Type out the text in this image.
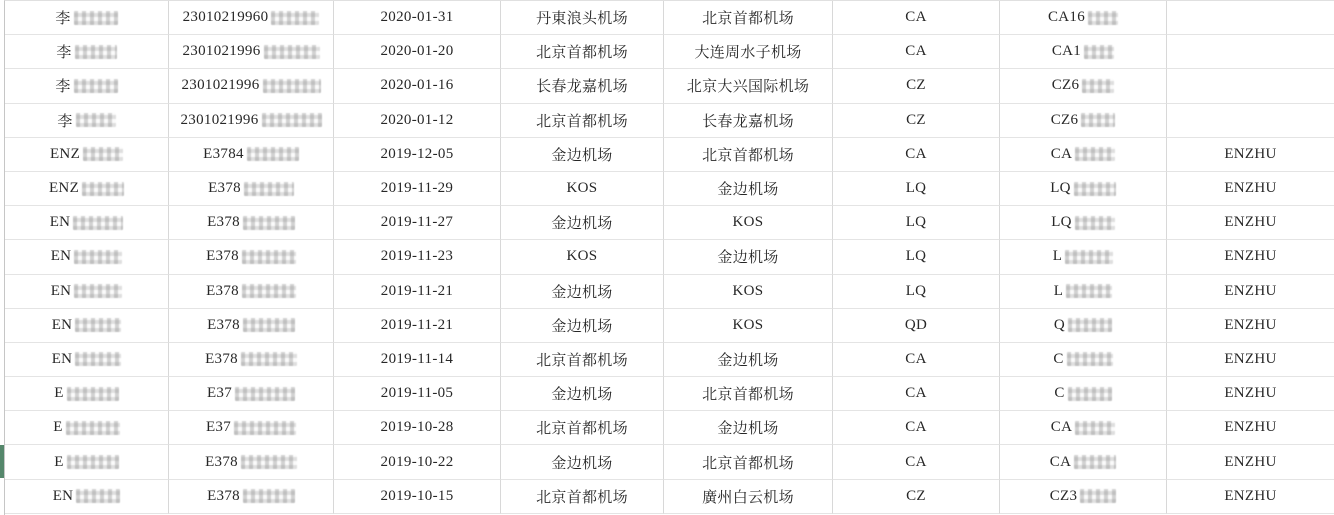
李	23010219960	2020-01-31	丹東浪头机场	北京首都机场	CA	CA16
李	2301021996	2020-01-20	北京首都机场	大连周水子机场	CA	CA1
李	2301021996	2020-01-16	长春龙嘉机场	北京大兴国际机场	CZ	CZ6
李	2301021996	2020-01-12	北京首都机场	长春龙嘉机场	CZ	CZ6
ENZ	E3784	2019-12-05	金边机场	北京首都机场	CA	CA	ENZHU
ENZ	E378	2019-11-29	KOS	金边机场	LQ	LQ	ENZHU
EN	E378	2019-11-27	金边机场	KOS	LQ	LQ	ENZHU
EN	E378	2019-11-23	KOS	金边机场	LQ	L	ENZHU
EN	E378	2019-11-21	金边机场	KOS	LQ	L	ENZHU
EN	E378	2019-11-21	金边机场	KOS	QD	Q	ENZHU
EN	E378	2019-11-14	北京首都机场	金边机场	CA	C	ENZHU
E	E37	2019-11-05	金边机场	北京首都机场	CA	C	ENZHU
E	E37	2019-10-28	北京首都机场	金边机场	CA	CA	ENZHU
E	E378	2019-10-22	金边机场	北京首都机场	CA	CA	ENZHU
EN	E378	2019-10-15	北京首都机场	廣州白云机场	CZ	CZ3	ENZHU
